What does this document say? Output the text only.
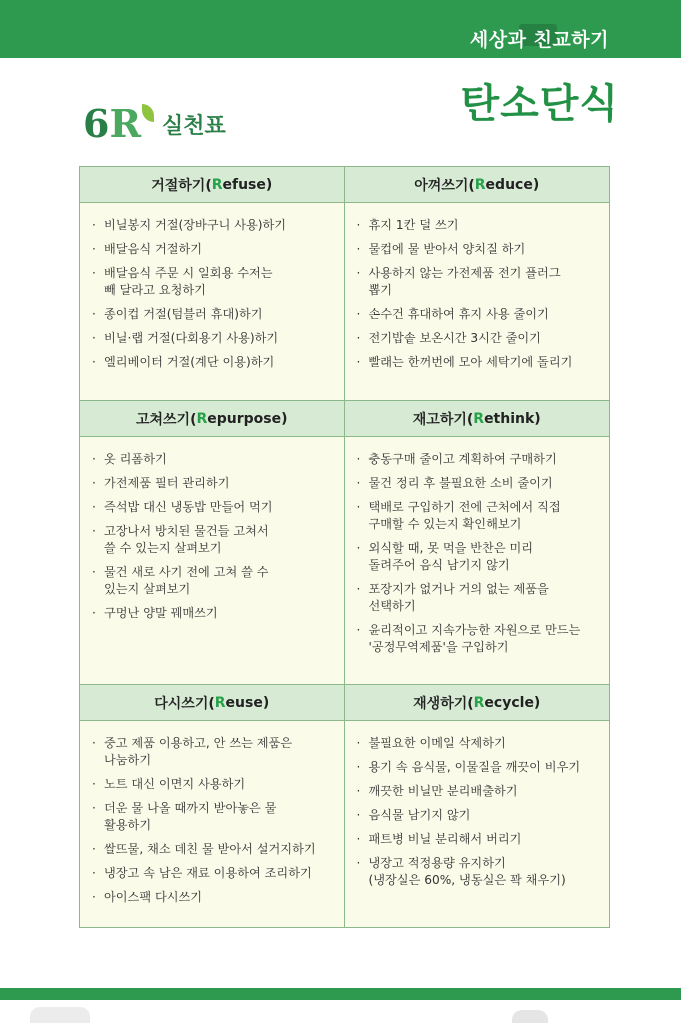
세상과 친교하기
탄소단식
6R 실천표
거절하기( R efuse)
· 비닐봉지 거절(장바구니 사용)하기
· 배달음식 거절하기
· 배달음식 주문 시 일회용 수저는
빼 달라고 요청하기
· 종이컵 거절(텀블러 휴대)하기
· 비닐·랩 거절(다회용기 사용)하기
· 엘리베이터 거절(계단 이용)하기
아껴쓰기( R educe)
· 휴지 1칸 덜 쓰기
· 물컵에 물 받아서 양치질 하기
· 사용하지 않는 가전제품 전기 플러그
뽑기
· 손수건 휴대하여 휴지 사용 줄이기
· 전기밥솥 보온시간 3시간 줄이기
· 빨래는 한꺼번에 모아 세탁기에 돌리기
고쳐쓰기( R epurpose)
· 옷 리폼하기
· 가전제품 필터 관리하기
· 즉석밥 대신 냉동밥 만들어 먹기
· 고장나서 방치된 물건들 고쳐서
쓸 수 있는지 살펴보기
· 물건 새로 사기 전에 고쳐 쓸 수
있는지 살펴보기
· 구멍난 양말 꿰매쓰기
재고하기( R ethink)
· 충동구매 줄이고 계획하여 구매하기
· 물건 정리 후 불필요한 소비 줄이기
· 택배로 구입하기 전에 근처에서 직접
구매할 수 있는지 확인해보기
· 외식할 때, 못 먹을 반찬은 미리
돌려주어 음식 남기지 않기
· 포장지가 없거나 거의 없는 제품을
선택하기
· 윤리적이고 지속가능한 자원으로 만드는
'공정무역제품'을 구입하기
다시쓰기( R euse)
· 중고 제품 이용하고, 안 쓰는 제품은
나눔하기
· 노트 대신 이면지 사용하기
· 더운 물 나올 때까지 받아놓은 물
활용하기
· 쌀뜨물, 채소 데친 물 받아서 설거지하기
· 냉장고 속 남은 재료 이용하여 조리하기
· 아이스팩 다시쓰기
재생하기( R ecycle)
· 불필요한 이메일 삭제하기
· 용기 속 음식물, 이물질을 깨끗이 비우기
· 깨끗한 비닐만 분리배출하기
· 음식물 남기지 않기
· 패트병 비닐 분리해서 버리기
· 냉장고 적정용량 유지하기
(냉장실은 60%, 냉동실은 꽉 채우기)
